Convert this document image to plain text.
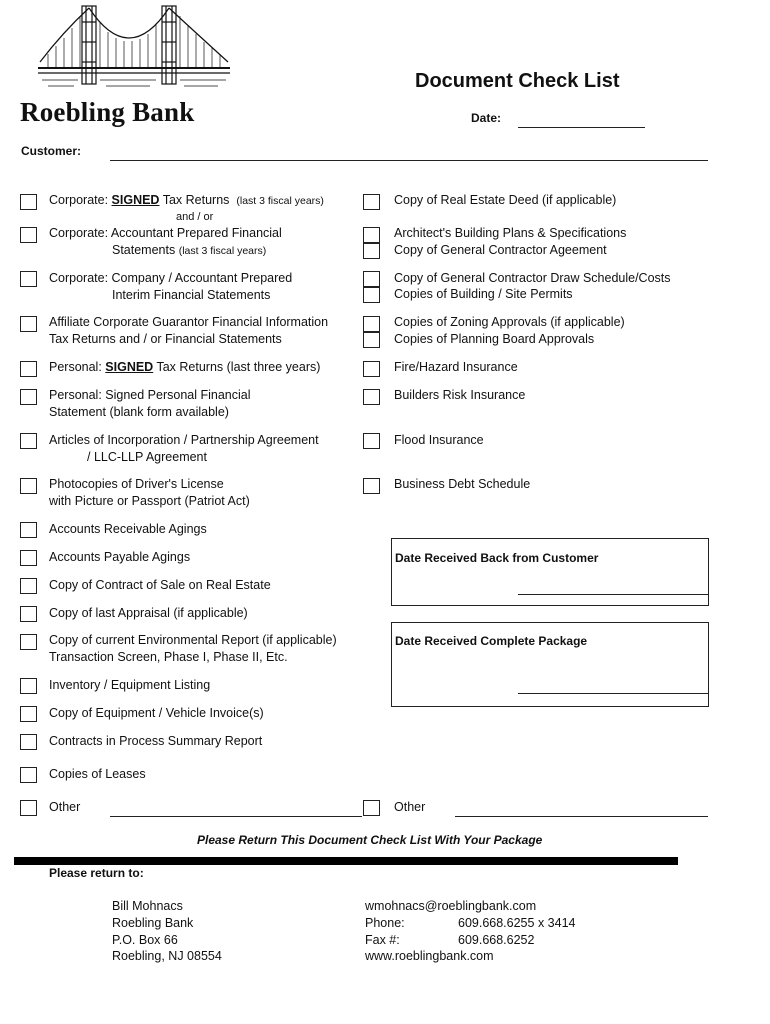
Roebling Bank
Document Check List
Date:
Customer:
Corporate: SIGNED Tax Returns (last 3 fiscal years)
and / or
Corporate: Accountant Prepared Financial
Statements (last 3 fiscal years)
Corporate: Company / Accountant Prepared
Interim Financial Statements
Affiliate Corporate Guarantor Financial Information
Tax Returns and / or Financial Statements
Personal: SIGNED Tax Returns (last three years)
Personal: Signed Personal Financial
Statement (blank form available)
Articles of Incorporation / Partnership Agreement
/ LLC-LLP Agreement
Photocopies of Driver's License
with Picture or Passport (Patriot Act)
Accounts Receivable Agings
Accounts Payable Agings
Copy of Contract of Sale on Real Estate
Copy of last Appraisal (if applicable)
Copy of current Environmental Report (if applicable)
Transaction Screen, Phase I, Phase II, Etc.
Inventory / Equipment Listing
Copy of Equipment / Vehicle Invoice(s)
Contracts in Process Summary Report
Copies of Leases
Other
Copy of Real Estate Deed (if applicable)
Architect's Building Plans & Specifications
Copy of General Contractor Ageement
Copy of General Contractor Draw Schedule/Costs
Copies of Building / Site Permits
Copies of Zoning Approvals (if applicable)
Copies of Planning Board Approvals
Fire/Hazard Insurance
Builders Risk Insurance
Flood Insurance
Business Debt Schedule
Date Received Back from Customer
Date Received Complete Package
Other
Please Return This Document Check List With Your Package
Please return to:
Bill Mohnacs
Roebling Bank
P.O. Box 66
Roebling, NJ 08554
wmohnacs@roeblingbank.com
Phone:	609.668.6255 x 3414
Fax #:	609.668.6252
www.roeblingbank.com
